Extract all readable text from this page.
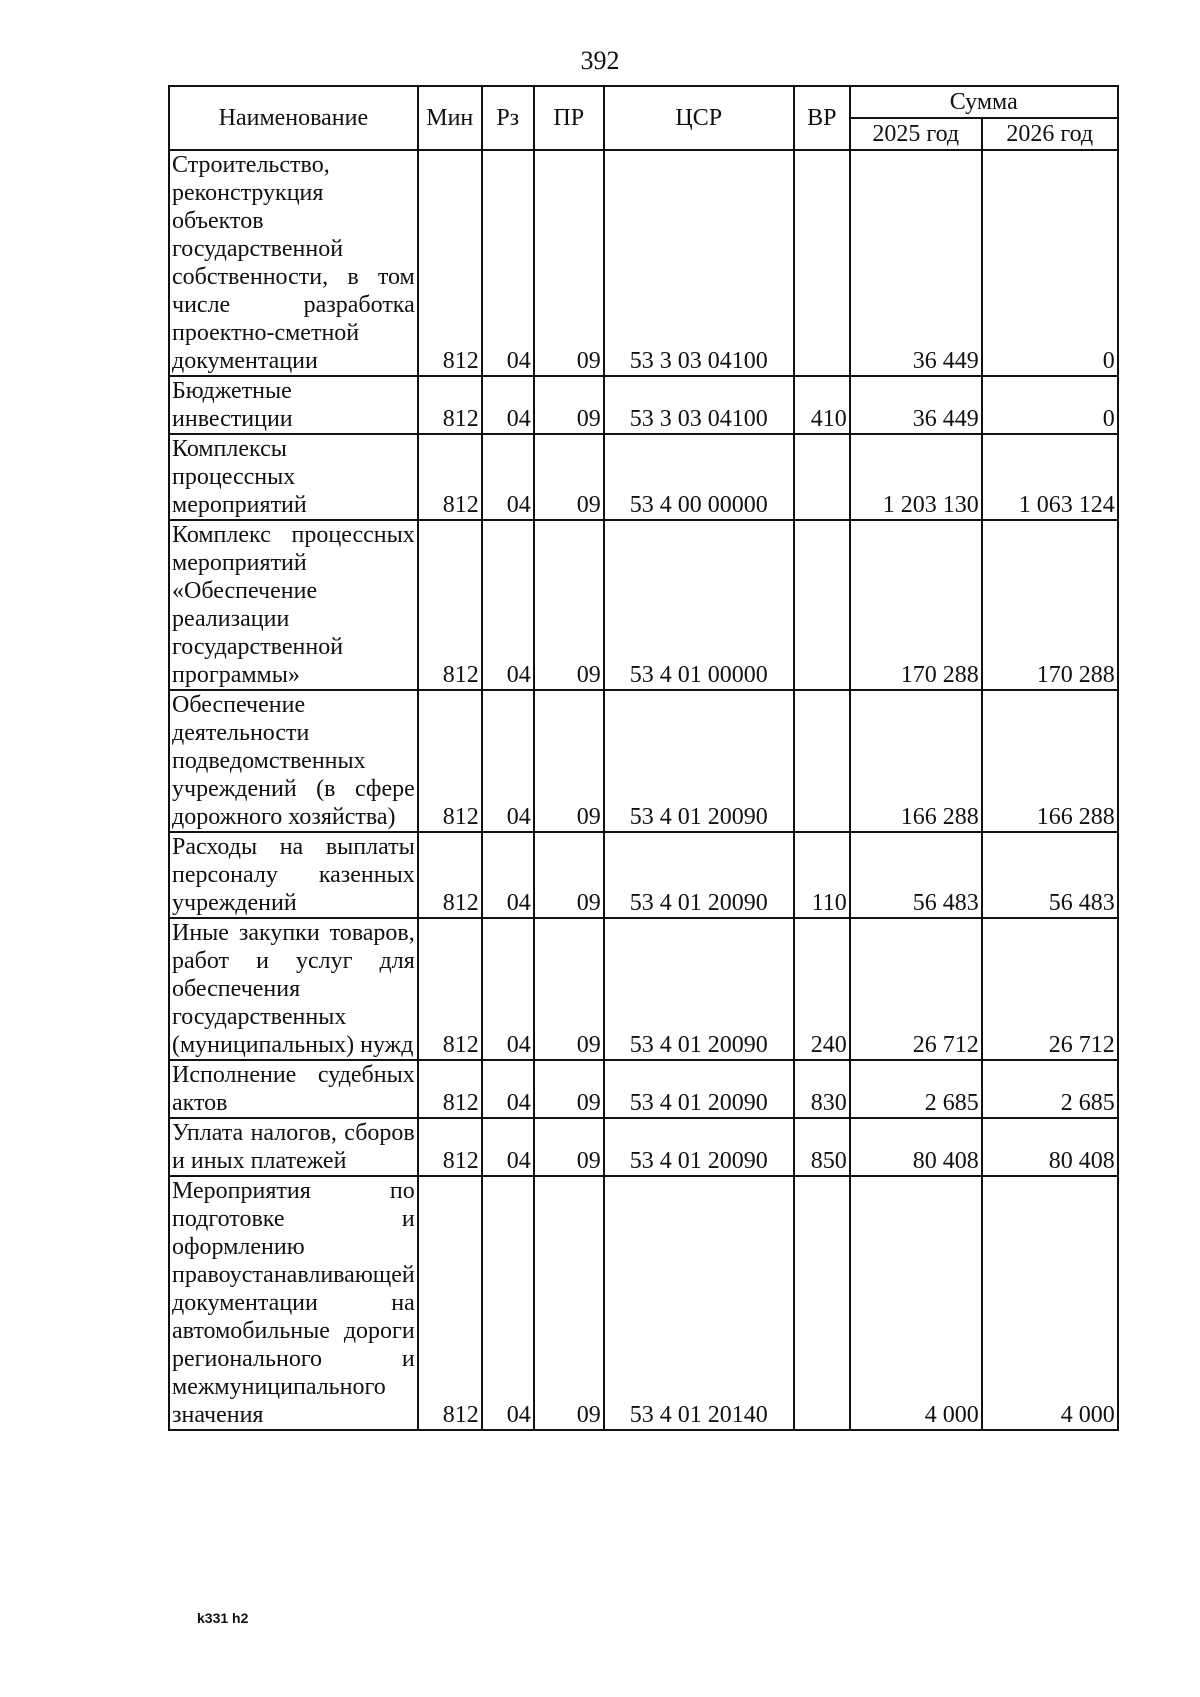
392
Наименование	Мин	Рз	ПР	ЦСР	ВР	Сумма	
						2025 год	2026 год
Строительство, реконструкция объектов государственной собственности, в том числе разработка проектно-сметной документации	812	04	09	53 3 03 04100		36 449	0
Бюджетные инвестиции	812	04	09	53 3 03 04100	410	36 449	0
Комплексы процессных мероприятий	812	04	09	53 4 00 00000		1 203 130	1 063 124
Комплекс процессных мероприятий «Обеспечение реализации государственной программы»	812	04	09	53 4 01 00000		170 288	170 288
Обеспечение деятельности подведомственных учреждений (в сфере дорожного хозяйства)	812	04	09	53 4 01 20090		166 288	166 288
Расходы на выплаты персоналу казенных учреждений	812	04	09	53 4 01 20090	110	56 483	56 483
Иные закупки товаров, работ и услуг для обеспечения государственных (муниципальных) нужд	812	04	09	53 4 01 20090	240	26 712	26 712
Исполнение судебных актов	812	04	09	53 4 01 20090	830	2 685	2 685
Уплата налогов, сборов и иных платежей	812	04	09	53 4 01 20090	850	80 408	80 408
Мероприятия по подготовке и оформлению правоустанавливающей документации на автомобильные дороги регионального и межмуниципального значения	812	04	09	53 4 01 20140		4 000	4 000
k331 h2
